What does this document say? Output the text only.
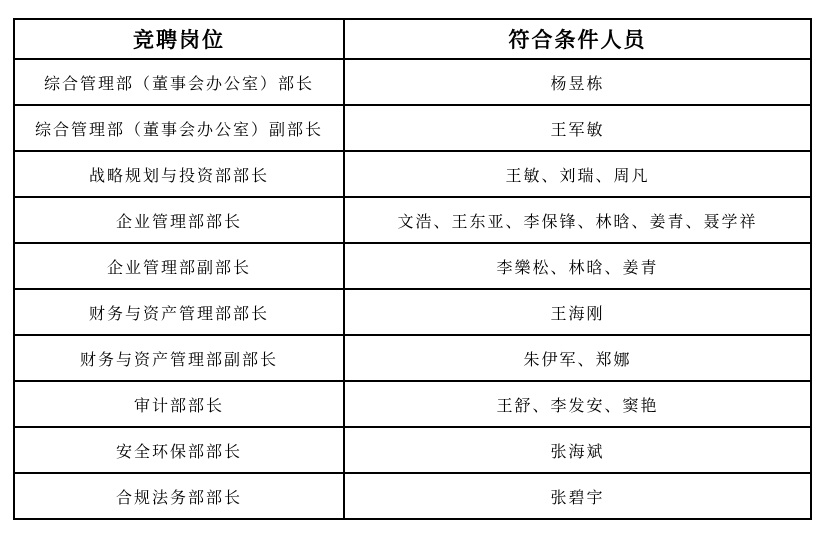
竞聘岗位	符合条件人员
综合管理部（董事会办公室）部长	杨昱栋
综合管理部（董事会办公室）副部长	王军敏
战略规划与投资部部长	王敏、刘瑞、周凡
企业管理部部长	文浩、王东亚、李保锋、林晗、姜青、聂学祥
企业管理部副部长	李樂松、林晗、姜青
财务与资产管理部部长	王海刚
财务与资产管理部副部长	朱伊军、郑娜
审计部部长	王舒、李发安、窦艳
安全环保部部长	张海斌
合规法务部部长	张碧宇
